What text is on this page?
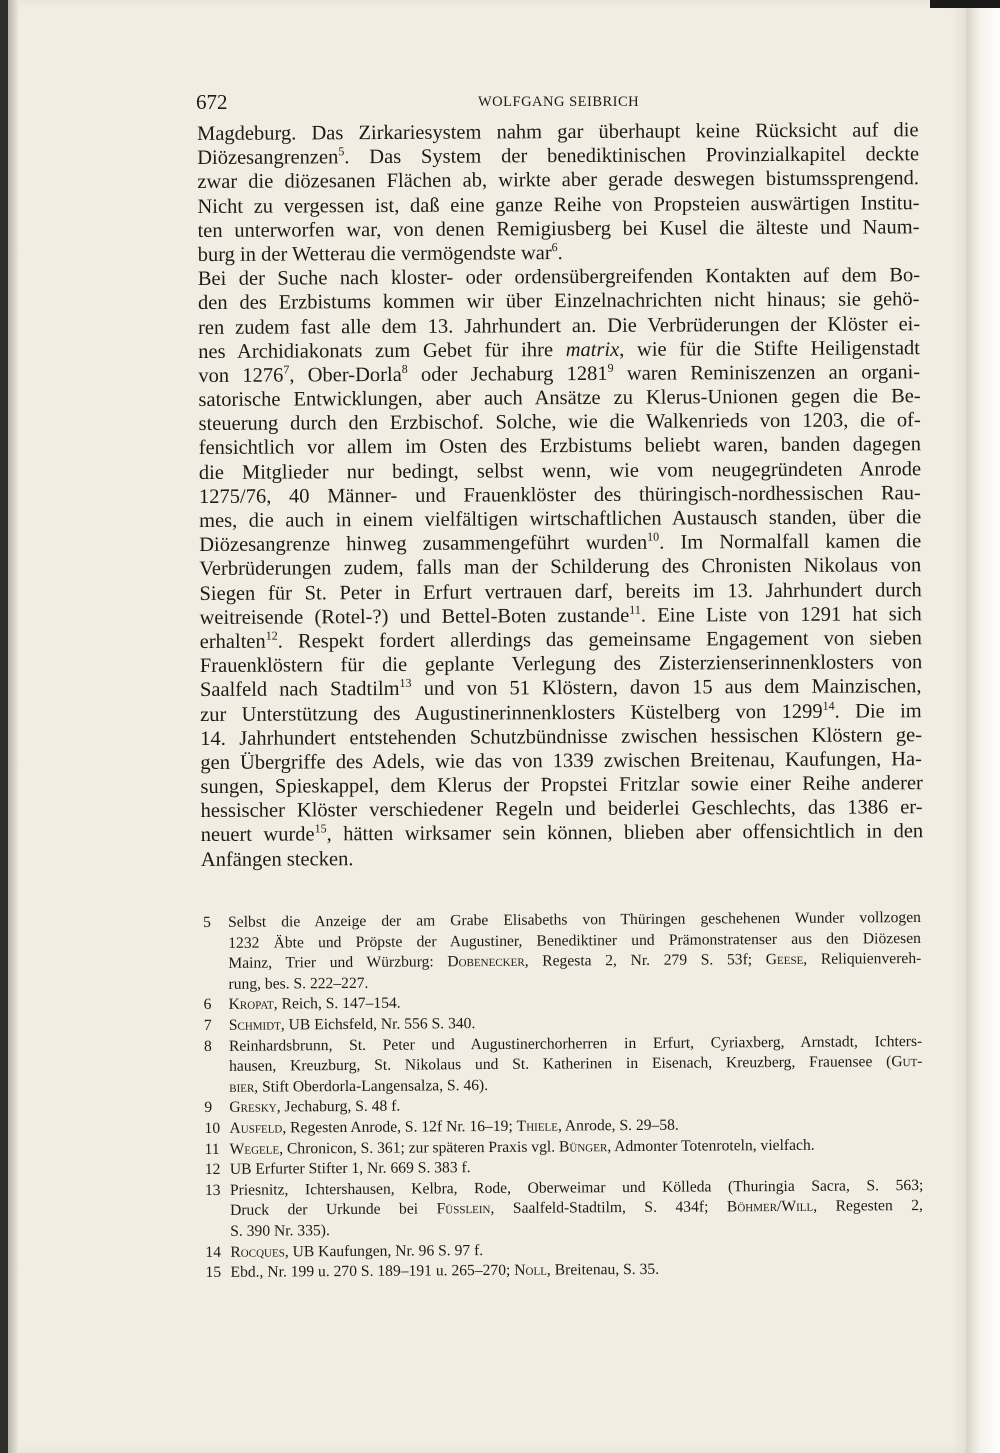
672	WOLFGANG SEIBRICH
Magdeburg. Das Zirkariesystem nahm gar überhaupt keine Rücksicht auf die
Diözesangrenzen$^5$. Das System der benediktinischen Provinzialkapitel deckte
zwar die diözesanen Flächen ab, wirkte aber gerade deswegen bistumssprengend.
Nicht zu vergessen ist, daß eine ganze Reihe von Propsteien auswärtigen Institu-
ten unterworfen war, von denen Remigiusberg bei Kusel die älteste und Naum-
burg in der Wetterau die vermögendste war$^6$.
Bei der Suche nach kloster- oder ordensübergreifenden Kontakten auf dem Bo-
den des Erzbistums kommen wir über Einzelnachrichten nicht hinaus; sie gehö-
ren zudem fast alle dem 13. Jahrhundert an. Die Verbrüderungen der Klöster ei-
nes Archidiakonats zum Gebet für ihre matrix, wie für die Stifte Heiligenstadt
von 1276$^7$, Ober-Dorla$^8$ oder Jechaburg 1281$^9$ waren Reminiszenzen an organi-
satorische Entwicklungen, aber auch Ansätze zu Klerus-Unionen gegen die Be-
steuerung durch den Erzbischof. Solche, wie die Walkenrieds von 1203, die of-
fensichtlich vor allem im Osten des Erzbistums beliebt waren, banden dagegen
die Mitglieder nur bedingt, selbst wenn, wie vom neugegründeten Anrode
1275/76, 40 Männer- und Frauenklöster des thüringisch-nordhessischen Rau-
mes, die auch in einem vielfältigen wirtschaftlichen Austausch standen, über die
Diözesangrenze hinweg zusammengeführt wurden$^{10}$. Im Normalfall kamen die
Verbrüderungen zudem, falls man der Schilderung des Chronisten Nikolaus von
Siegen für St. Peter in Erfurt vertrauen darf, bereits im 13. Jahrhundert durch
weitreisende (Rotel-?) und Bettel-Boten zustande$^{11}$. Eine Liste von 1291 hat sich
erhalten$^{12}$. Respekt fordert allerdings das gemeinsame Engagement von sieben
Frauenklöstern für die geplante Verlegung des Zisterzienserinnenklosters von
Saalfeld nach Stadtilm$^{13}$ und von 51 Klöstern, davon 15 aus dem Mainzischen,
zur Unterstützung des Augustinerinnenklosters Küstelberg von 1299$^{14}$. Die im
14. Jahrhundert entstehenden Schutzbündnisse zwischen hessischen Klöstern ge-
gen Übergriffe des Adels, wie das von 1339 zwischen Breitenau, Kaufungen, Ha-
sungen, Spieskappel, dem Klerus der Propstei Fritzlar sowie einer Reihe anderer
hessischer Klöster verschiedener Regeln und beiderlei Geschlechts, das 1386 er-
neuert wurde$^{15}$, hätten wirksamer sein können, blieben aber offensichtlich in den
Anfängen stecken.
5 Selbst die Anzeige der am Grabe Elisabeths von Thüringen geschehenen Wunder vollzogen
1232 Äbte und Pröpste der Augustiner, Benediktiner und Prämonstratenser aus den Diözesen
Mainz, Trier und Würzburg: Dobenecker, Regesta 2, Nr. 279 S. 53f; Geese, Reliquienvereh-
rung, bes. S. 222–227.
6 Kropat, Reich, S. 147–154.
7 Schmidt, UB Eichsfeld, Nr. 556 S. 340.
8 Reinhardsbrunn, St. Peter und Augustinerchorherren in Erfurt, Cyriaxberg, Arnstadt, Ichters-
hausen, Kreuzburg, St. Nikolaus und St. Katherinen in Eisenach, Kreuzberg, Frauensee (Gut-
bier, Stift Oberdorla-Langensalza, S. 46).
9 Gresky, Jechaburg, S. 48 f.
10 Ausfeld, Regesten Anrode, S. 12f Nr. 16–19; Thiele, Anrode, S. 29–58.
11 Wegele, Chronicon, S. 361; zur späteren Praxis vgl. Bünger, Admonter Totenroteln, vielfach.
12 UB Erfurter Stifter 1, Nr. 669 S. 383 f.
13 Priesnitz, Ichtershausen, Kelbra, Rode, Oberweimar und Kölleda (Thuringia Sacra, S. 563;
Druck der Urkunde bei Füsslein, Saalfeld-Stadtilm, S. 434f; Böhmer/Will, Regesten 2,
S. 390 Nr. 335).
14 Rocques, UB Kaufungen, Nr. 96 S. 97 f.
15 Ebd., Nr. 199 u. 270 S. 189–191 u. 265–270; Noll, Breitenau, S. 35.
